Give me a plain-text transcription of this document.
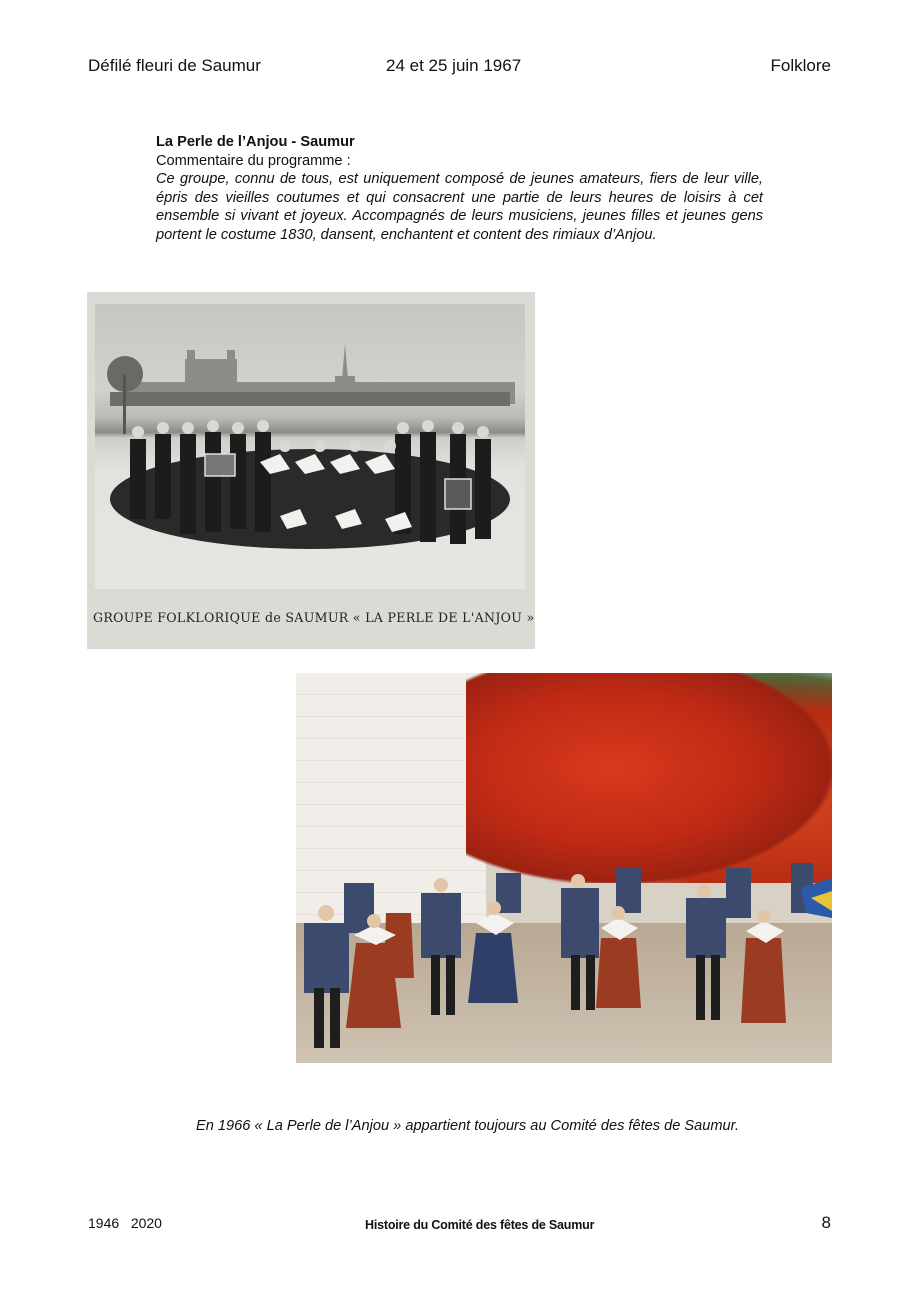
Défilé fleuri de Saumur	24 et 25 juin 1967	Folklore
La Perle de l’Anjou - Saumur
Commentaire du programme :
Ce groupe, connu de tous, est uniquement composé de jeunes amateurs, fiers de leur ville, épris des vieilles coutumes et qui consacrent une partie de leurs heures de loisirs à cet ensemble si vivant et joyeux. Accompagnés de leurs musiciens, jeunes filles et jeunes gens portent le costume 1830, dansent, enchantent et content des rimiaux d’Anjou.
GROUPE FOLKLORIQUE de SAUMUR « LA PERLE DE L'ANJOU »
En 1966 « La Perle de l’Anjou » appartient toujours au Comité des fêtes de Saumur.
1946   2020	Histoire du Comité des fêtes de Saumur	8
